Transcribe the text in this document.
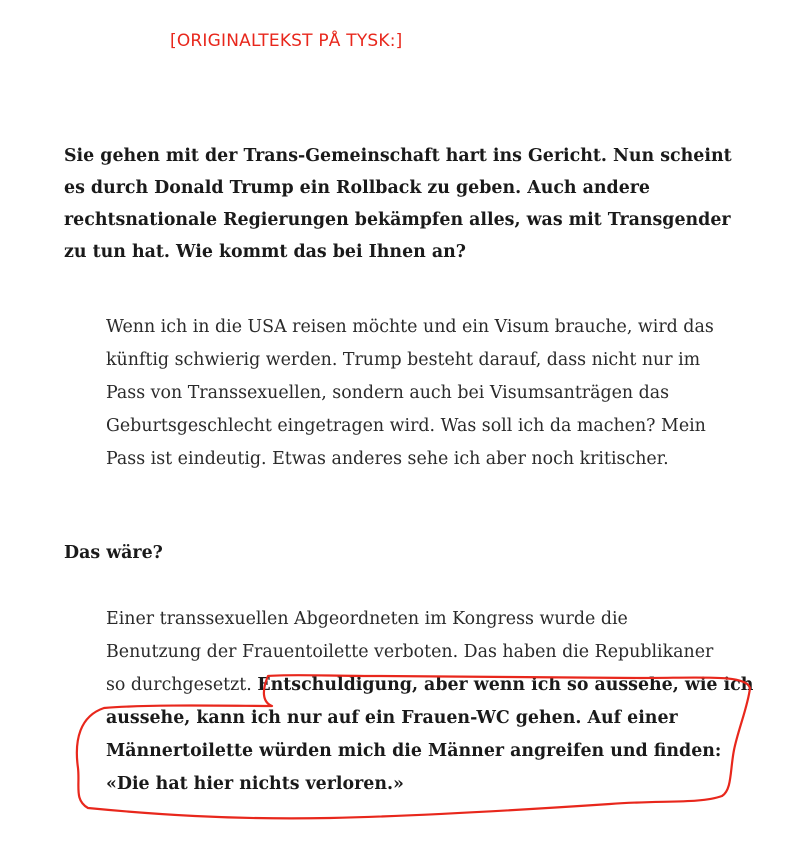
[ORIGINALTEKST PÅ TYSK:]
Sie gehen mit der Trans-Gemeinschaft hart ins Gericht. Nun scheint
es durch Donald Trump ein Rollback zu geben. Auch andere
rechtsnationale Regierungen bekämpfen alles, was mit Transgender
zu tun hat. Wie kommt das bei Ihnen an?
Wenn ich in die USA reisen möchte und ein Visum brauche, wird das
künftig schwierig werden. Trump besteht darauf, dass nicht nur im
Pass von Transsexuellen, sondern auch bei Visumsanträgen das
Geburtsgeschlecht eingetragen wird. Was soll ich da machen? Mein
Pass ist eindeutig. Etwas anderes sehe ich aber noch kritischer.
Das wäre?
Einer transsexuellen Abgeordneten im Kongress wurde die
Benutzung der Frauentoilette verboten. Das haben die Republikaner
so durchgesetzt. Entschuldigung, aber wenn ich so aussehe, wie ich
aussehe, kann ich nur auf ein Frauen-WC gehen. Auf einer
Männertoilette würden mich die Männer angreifen und finden:
«Die hat hier nichts verloren.»
